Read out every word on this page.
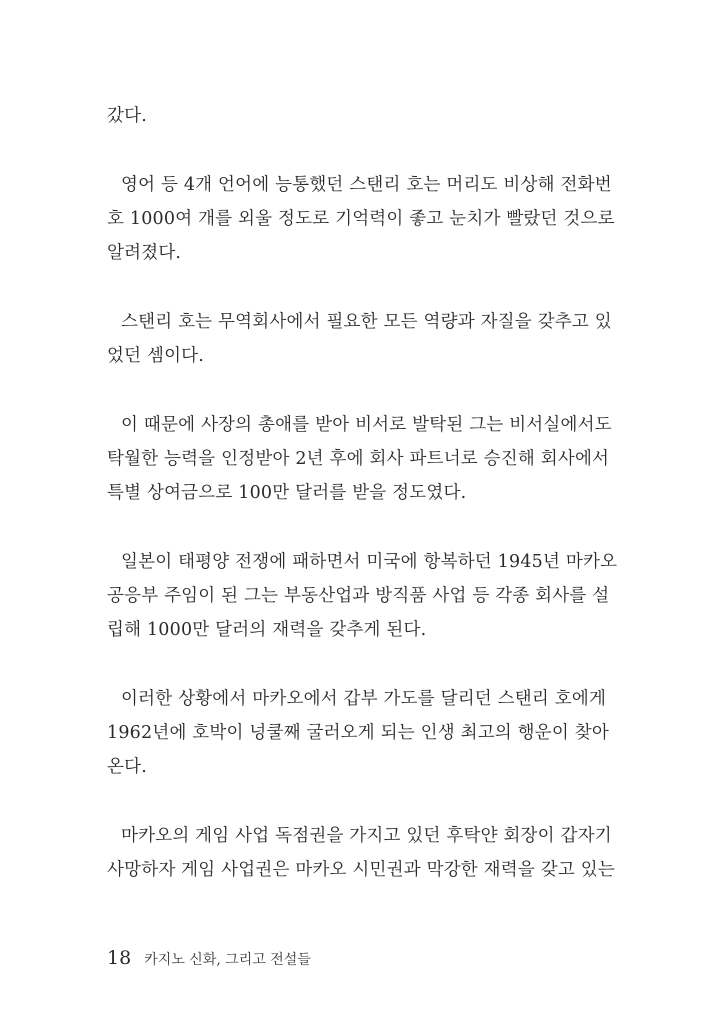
갔다.
영어 등 4개 언어에 능통했던 스탠리 호는 머리도 비상해 전화번
호 1000여 개를 외울 정도로 기억력이 좋고 눈치가 빨랐던 것으로
알려졌다.
스탠리 호는 무역회사에서 필요한 모든 역량과 자질을 갖추고 있
었던 셈이다.
이 때문에 사장의 총애를 받아 비서로 발탁된 그는 비서실에서도
탁월한 능력을 인정받아 2년 후에 회사 파트너로 승진해 회사에서
특별 상여금으로 100만 달러를 받을 정도였다.
일본이 태평양 전쟁에 패하면서 미국에 항복하던 1945년 마카오
공응부 주임이 된 그는 부동산업과 방직품 사업 등 각종 회사를 설
립해 1000만 달러의 재력을 갖추게 된다.
이러한 상황에서 마카오에서 갑부 가도를 달리던 스탠리 호에게
1962년에 호박이 넝쿨째 굴러오게 되는 인생 최고의 행운이 찾아
온다.
마카오의 게임 사업 독점권을 가지고 있던 후탁얀 회장이 갑자기
사망하자 게임 사업권은 마카오 시민권과 막강한 재력을 갖고 있는
18 카지노 신화, 그리고 전설들
